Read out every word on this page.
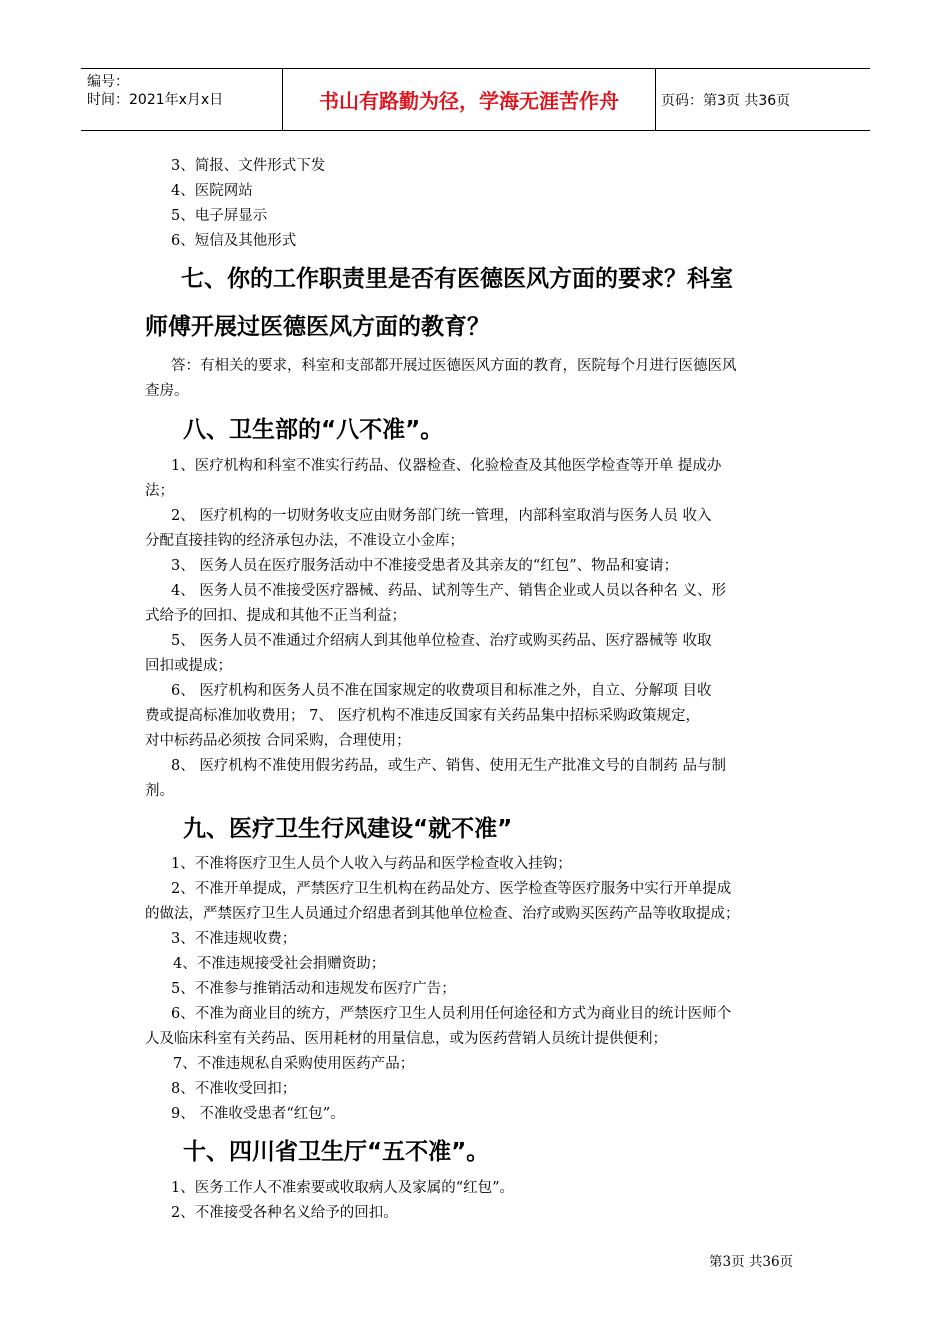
编号：
时间：2021年x月x日	书山有路勤为径，学海无涯苦作舟	页码：第3页 共36页
3、简报、文件形式下发
4、医院网站
5、电子屏显示
6、短信及其他形式
七、你的工作职责里是否有医德医风方面的要求？科室
师傅开展过医德医风方面的教育？
答：有相关的要求，科室和支部都开展过医德医风方面的教育，医院每个月进行医德医风
查房。
八、卫生部的“八不准”。
1、医疗机构和科室不准实行药品、仪器检查、化验检查及其他医学检查等开单 提成办
法；
2、 医疗机构的一切财务收支应由财务部门统一管理，内部科室取消与医务人员 收入
分配直接挂钩的经济承包办法，不准设立小金库；
3、 医务人员在医疗服务活动中不准接受患者及其亲友的“红包”、物品和宴请；
4、 医务人员不准接受医疗器械、药品、试剂等生产、销售企业或人员以各种名 义、形
式给予的回扣、提成和其他不正当利益；
5、 医务人员不准通过介绍病人到其他单位检查、治疗或购买药品、医疗器械等 收取
回扣或提成；
6、 医疗机构和医务人员不准在国家规定的收费项目和标准之外，自立、分解项 目收
费或提高标准加收费用； 7、 医疗机构不准违反国家有关药品集中招标采购政策规定，
对中标药品必须按 合同采购，合理使用；
8、 医疗机构不准使用假劣药品，或生产、销售、使用无生产批准文号的自制药 品与制
剂。
九、医疗卫生行风建设“就不准”
1、不准将医疗卫生人员个人收入与药品和医学检查收入挂钩；
2、不准开单提成，严禁医疗卫生机构在药品处方、医学检查等医疗服务中实行开单提成
的做法，严禁医疗卫生人员通过介绍患者到其他单位检查、治疗或购买医药产品等收取提成；
3、不准违规收费；
4、不准违规接受社会捐赠资助；
5、不准参与推销活动和违规发布医疗广告；
6、不准为商业目的统方，严禁医疗卫生人员利用任何途径和方式为商业目的统计医师个
人及临床科室有关药品、医用耗材的用量信息，或为医药营销人员统计提供便利；
7、不准违规私自采购使用医药产品；
8、不准收受回扣；
9、 不准收受患者“红包”。
十、四川省卫生厅“五不准”。
1、医务工作人不准索要或收取病人及家属的“红包”。
2、不准接受各种名义给予的回扣。
第3页 共36页
